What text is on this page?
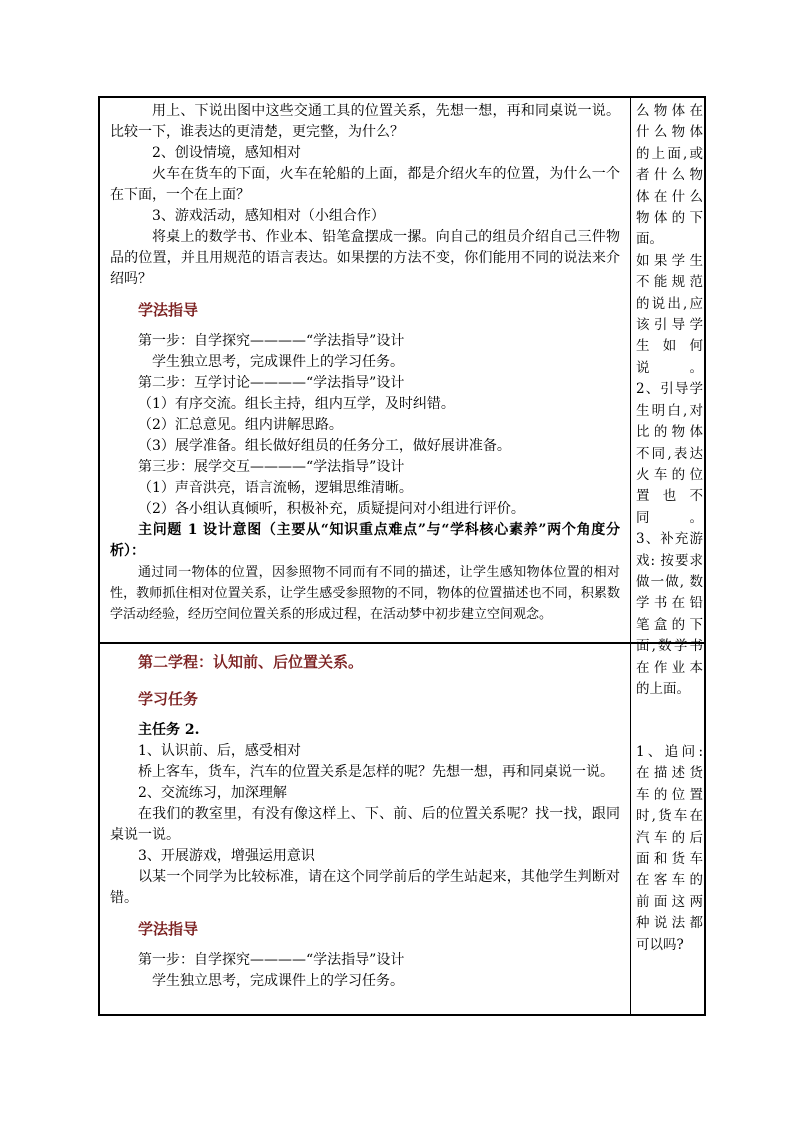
用上、下说出图中这些交通工具的位置关系，先想一想，再和同桌说一说。比较一下，谁表达的更清楚，更完整，为什么？

2、创设情境，感知相对

火车在货车的下面，火车在轮船的上面，都是介绍火车的位置，为什么一个在下面，一个在上面？

3、游戏活动，感知相对（小组合作）

将桌上的数学书、作业本、铅笔盒摆成一摞。向自己的组员介绍自己三件物品的位置，并且用规范的语言表达。如果摆的方法不变，你们能用不同的说法来介绍吗？

学法指导

第一步：自学探究————“学法指导”设计

学生独立思考，完成课件上的学习任务。

第二步：互学讨论————“学法指导”设计

（1）有序交流。组长主持，组内互学，及时纠错。

（2）汇总意见。组内讲解思路。

（3）展学准备。组长做好组员的任务分工，做好展讲准备。

第三步：展学交互————“学法指导”设计

（1）声音洪亮，语言流畅，逻辑思维清晰。

（2）各小组认真倾听，积极补充，质疑提问对小组进行评价。

主问题 1 设计意图（主要从“知识重点难点”与“学科核心素养”两个角度分析）：

通过同一物体的位置，因参照物不同而有不同的描述，让学生感知物体位置的相对性，教师抓住相对位置关系，让学生感受参照物的不同，物体的位置描述也不同，积累数学活动经验，经历空间位置关系的形成过程，在活动梦中初步建立空间观念。

么物体在

什么物体

的上面,或

者什么物

体在什么

物体的下

面。

如果学生

不能规范

的说出,应

该引导学

生如何说。

2、引导学

生明白,对

比的物体

不同,表达

火车的位

置也不同。

3、补充游

戏: 按要求

做一做, 数

学书在铅

笔盒的下

面,数学书

在作业本

的上面。

第二学程：认知前、后位置关系。

学习任务

主任务 2.

1、认识前、后，感受相对

桥上客车，货车，汽车的位置关系是怎样的呢？先想一想，再和同桌说一说。

2、交流练习，加深理解

在我们的教室里，有没有像这样上、下、前、后的位置关系呢？找一找，跟同桌说一说。

3、开展游戏，增强运用意识

以某一个同学为比较标准，请在这个同学前后的学生站起来，其他学生判断对错。

学法指导

第一步：自学探究————“学法指导”设计

学生独立思考，完成课件上的学习任务。

1、追问:

在描述货

车的位置

时,货车在

汽车的后

面和货车

在客车的

前面这两

种说法都

可以吗?
